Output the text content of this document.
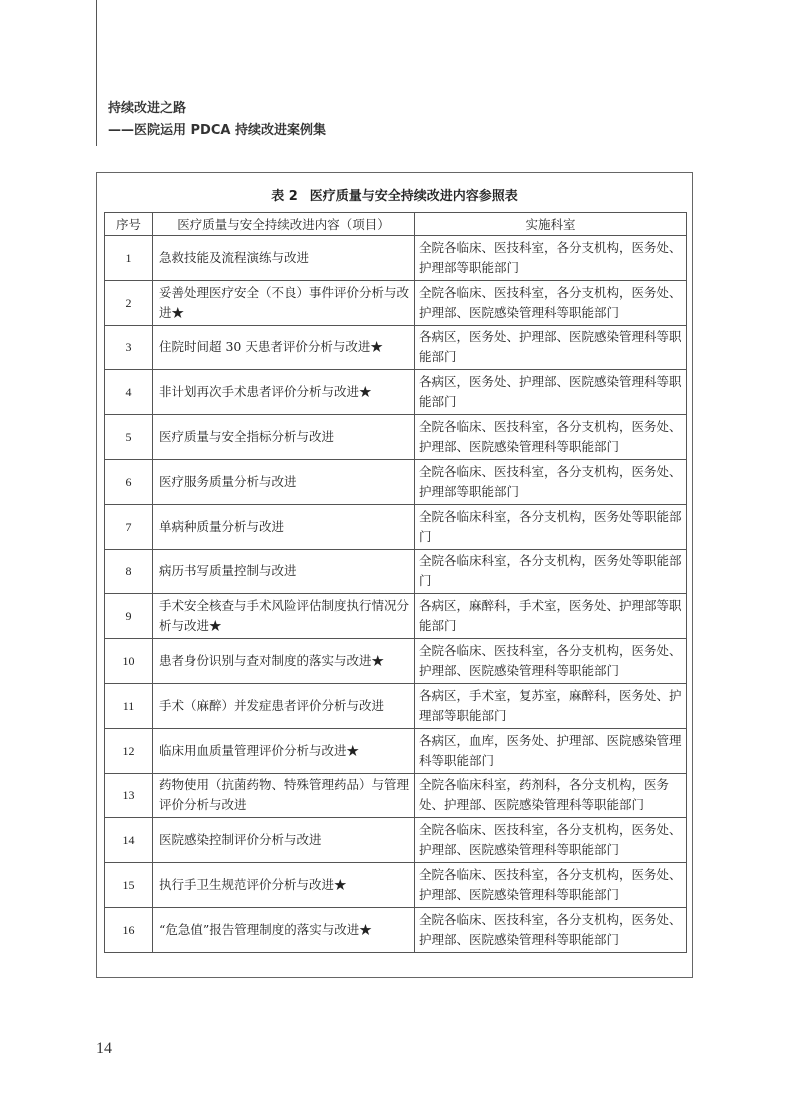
持续改进之路
——医院运用 PDCA 持续改进案例集
表 2 医疗质量与安全持续改进内容参照表
序号	医疗质量与安全持续改进内容（项目）	实施科室
1	急救技能及流程演练与改进	全院各临床、医技科室，各分支机构，医务处、护理部等职能部门
2	妥善处理医疗安全（不良）事件评价分析与改进★	全院各临床、医技科室，各分支机构，医务处、护理部、医院感染管理科等职能部门
3	住院时间超 30 天患者评价分析与改进★	各病区，医务处、护理部、医院感染管理科等职能部门
4	非计划再次手术患者评价分析与改进★	各病区，医务处、护理部、医院感染管理科等职能部门
5	医疗质量与安全指标分析与改进	全院各临床、医技科室，各分支机构，医务处、护理部、医院感染管理科等职能部门
6	医疗服务质量分析与改进	全院各临床、医技科室，各分支机构，医务处、护理部等职能部门
7	单病种质量分析与改进	全院各临床科室，各分支机构，医务处等职能部门
8	病历书写质量控制与改进	全院各临床科室，各分支机构，医务处等职能部门
9	手术安全核查与手术风险评估制度执行情况分析与改进★	各病区，麻醉科，手术室，医务处、护理部等职能部门
10	患者身份识别与查对制度的落实与改进★	全院各临床、医技科室，各分支机构，医务处、护理部、医院感染管理科等职能部门
11	手术（麻醉）并发症患者评价分析与改进	各病区，手术室，复苏室，麻醉科，医务处、护理部等职能部门
12	临床用血质量管理评价分析与改进★	各病区，血库，医务处、护理部、医院感染管理科等职能部门
13	药物使用（抗菌药物、特殊管理药品）与管理评价分析与改进	全院各临床科室，药剂科，各分支机构，医务处、护理部、医院感染管理科等职能部门
14	医院感染控制评价分析与改进	全院各临床、医技科室，各分支机构，医务处、护理部、医院感染管理科等职能部门
15	执行手卫生规范评价分析与改进★	全院各临床、医技科室，各分支机构，医务处、护理部、医院感染管理科等职能部门
16	“危急值”报告管理制度的落实与改进★	全院各临床、医技科室，各分支机构，医务处、护理部、医院感染管理科等职能部门
14
